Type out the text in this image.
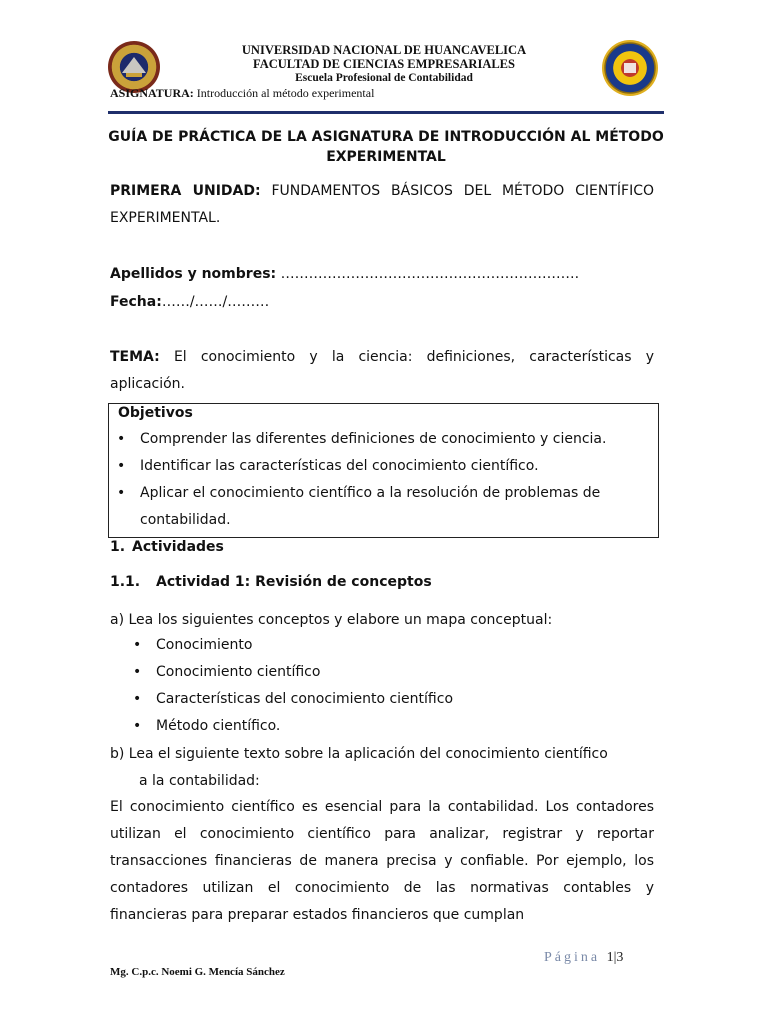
UNIVERSIDAD NACIONAL DE HUANCAVELICA
FACULTAD DE CIENCIAS EMPRESARIALES
Escuela Profesional de Contabilidad
ASIGNATURA: Introducción al método experimental
GUÍA DE PRÁCTICA DE LA ASIGNATURA DE INTRODUCCIÓN AL MÉTODO EXPERIMENTAL
PRIMERA UNIDAD: FUNDAMENTOS BÁSICOS DEL MÉTODO CIENTÍFICO EXPERIMENTAL.
Apellidos y nombres: ……………………………………………………….
Fecha:……/……/………
TEMA: El conocimiento y la ciencia: definiciones, características y aplicación.
Objetivos
• Comprender las diferentes definiciones de conocimiento y ciencia.
• Identificar las características del conocimiento científico.
• Aplicar el conocimiento científico a la resolución de problemas de contabilidad.
1. Actividades
1.1. Actividad 1: Revisión de conceptos
a) Lea los siguientes conceptos y elabore un mapa conceptual:
• Conocimiento
• Conocimiento científico
• Características del conocimiento científico
• Método científico.
b) Lea el siguiente texto sobre la aplicación del conocimiento científico
a la contabilidad:
El conocimiento científico es esencial para la contabilidad. Los contadores utilizan el conocimiento científico para analizar, registrar y reportar transacciones financieras de manera precisa y confiable. Por ejemplo, los contadores utilizan el conocimiento de las normativas contables y financieras para preparar estados financieros que cumplan
Página 1|3
Mg. C.p.c. Noemi G. Mencía Sánchez
